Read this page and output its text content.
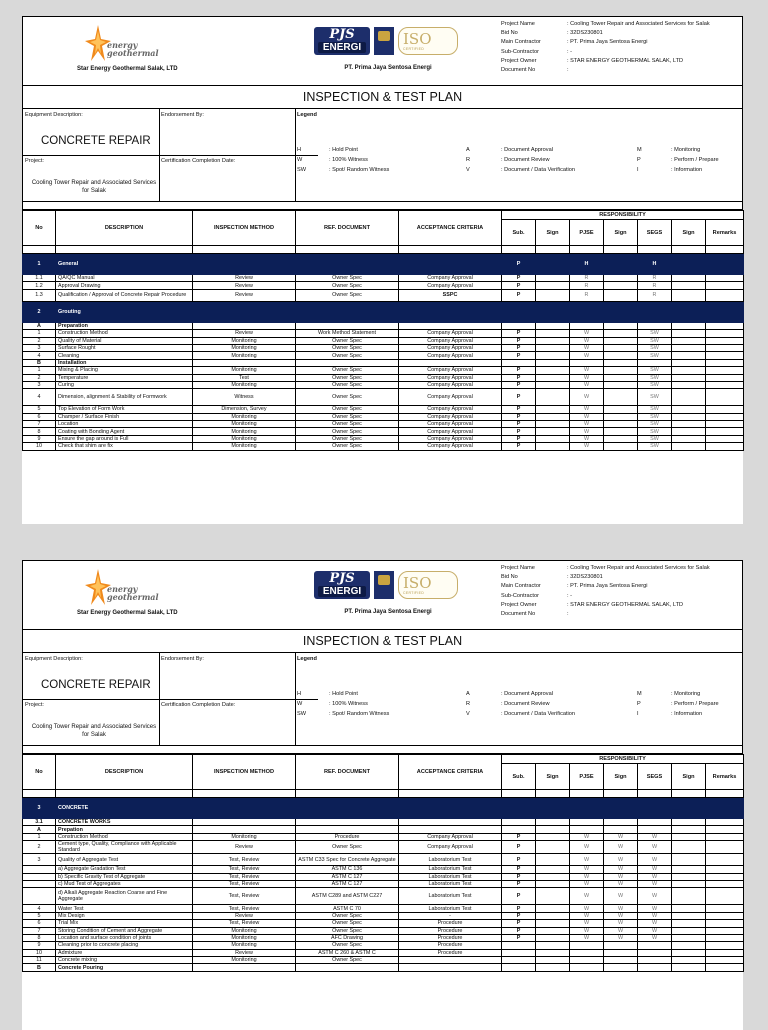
energy
geothermal
Star Energy Geothermal Salak, LTD
PJS
ENERGI	ISO
CERTIFIED
PT. Prima Jaya Sentosa Energi
Project Name	: Cooling Tower Repair and Associated Services for Salak
Bid No	: 32DS230801
Main Contractor	: PT. Prima Jaya Sentosa Energi
Sub-Contractor	: -
Project Owner	: STAR ENERGY GEOTHERMAL SALAK, LTD
Document No	:
INSPECTION & TEST PLAN
Equipment Description:	Endorsement By:	Legend
CONCRETE REPAIR
Project:	Certification Completion Date:
Cooling Tower Repair and Associated Services for Salak
H	: Hold Point	A	: Document Approval	M	: Monitoring
W	: 100% Witness	R	: Document Review	P	: Perform / Prepare
SW	: Spot/ Random Witness	V	: Document / Data Verification	I	: Information
No	DESCRIPTION	INSPECTION METHOD	REF. DOCUMENT	ACCEPTANCE CRITERIA	RESPONSIBILITY						
					Sub.	Sign	PJSE	Sign	SEGS	Sign	Remarks

1	General				P		H		H		
1.1	QA/QC Manual	Review	Owner Spec	Company Approval	P		R		R		
1.2	Approval Drawing	Review	Owner Spec	Company Approval	P		R		R		
1.3	Qualification / Approval of Concrete Repair Procedure	Review	Owner Spec	SSPC	P		R		R		
2	Grouting										
A	Preparation										
1	Construction Method	Review	Work Method Statement	Company Approval	P		W		SW		
2	Quality of Material	Monitoring	Owner Spec	Company Approval	P		W		SW		
3	Surface Rought	Monitoring	Owner Spec	Company Approval	P		W		SW		
4	Cleaning	Monitoring	Owner Spec	Company Approval	P		W		SW		
B	Installation										
1	Mixing & Placing	Monitoring	Owner Spec	Company Approval	P		W		SW		
2	Temperature	Test	Owner Spec	Company Approval	P		W		SW		
3	Curing	Monitoring	Owner Spec	Company Approval	P		W		SW		
4	Dimension, alignment & Stability of Formwork	Witness	Owner Spec	Company Approval	P		W		SW		
5	Top Elevation of Form Work	Dimension, Survey	Owner Spec	Company Approval	P		W		SW		
6	Champer / Surface Finish	Monitoring	Owner Spec	Company Approval	P		W		SW		
7	Location	Monitoring	Owner Spec	Company Approval	P		W		SW		
8	Coating with Bonding Agent	Monitoring	Owner Spec	Company Approval	P		W		SW		
9	Ensure the gap around is Full	Monitoring	Owner Spec	Company Approval	P		W		SW		
10	Check that shim are fix	Monitoring	Owner Spec	Company Approval	P		W		SW		
energy
geothermal
Star Energy Geothermal Salak, LTD
PJS
ENERGI	ISO
CERTIFIED
PT. Prima Jaya Sentosa Energi
Project Name	: Cooling Tower Repair and Associated Services for Salak
Bid No	: 32DS230801
Main Contractor	: PT. Prima Jaya Sentosa Energi
Sub-Contractor	: -
Project Owner	: STAR ENERGY GEOTHERMAL SALAK, LTD
Document No	:
INSPECTION & TEST PLAN
Equipment Description:	Endorsement By:	Legend
CONCRETE REPAIR
Project:	Certification Completion Date:
Cooling Tower Repair and Associated Services for Salak
H	: Hold Point	A	: Document Approval	M	: Monitoring
W	: 100% Witness	R	: Document Review	P	: Perform / Prepare
SW	: Spot/ Random Witness	V	: Document / Data Verification	I	: Information
No	DESCRIPTION	INSPECTION METHOD	REF. DOCUMENT	ACCEPTANCE CRITERIA	RESPONSIBILITY						
					Sub.	Sign	PJSE	Sign	SEGS	Sign	Remarks

3	CONCRETE										
3.1	CONCRETE WORKS										
A	Prepation										
1	Construction Method	Monitoring	Procedure	Company Approval	P		W	W	W		
2	Cement type, Quality, Compliance with Applicable Standard	Review	Owner Spec	Company Approval	P		W	W	W		
3	Quality of Aggregate Test	Test, Review	ASTM C33 Spec for Concrete Aggregate	Laboratorium Test	P		W	W	W		
	a) Aggregate Gradation Test	Test, Review	ASTM C 136	Laboratorium Test	P		W	W	W		
	b) Specific Gravity Test of Aggregate	Test, Review	ASTM C 127	Laboratorium Test	P		W	W	W		
	c) Mud Test of Aggregates	Test, Review	ASTM C 127	Laboratorium Test	P		W	W	W		
	d) Alkali Aggregate Reaction Coarse and Fine Aggregate	Test, Review	ASTM C289 and ASTM C227	Laboratorium Test	P		W	W	W		
4	Water Test	Test, Review	ASTM C 70	Laboratorium Test	P		W	W	W		
5	Mix Design	Review	Owner Spec	-	P		W	W	W		
6	Trial Mix	Test, Review	Owner Spec	Procedure	P		W	W	W		
7	Storing Condition of Cement and Aggregate	Monitoring	Owner Spec	Procedure	P		W	W	W		
8	Location and surface condition of joints	Monitoring	AFC Drawing	Procedure	P		W	W	W		
9	Cleaning prior to concrete placing	Monitoring	Owner Spec	Procedure							
10	Admixture	Review	ASTM C 260 & ASTM C	Procedure							
11	Concrete mixing	Monitoring	Owner Spec								
B	Concrete Pouring										
